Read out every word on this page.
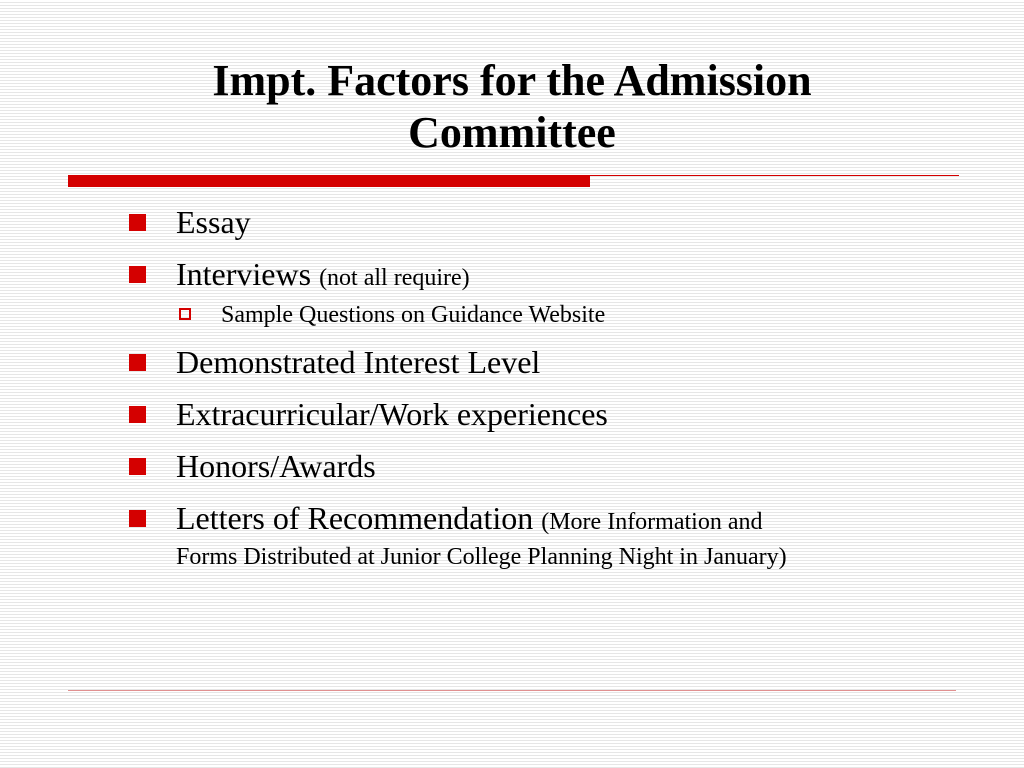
Impt. Factors for the Admission
Committee
Essay
Interviews (not all require)
Sample Questions on Guidance Website
Demonstrated Interest Level
Extracurricular/Work experiences
Honors/Awards
Letters of Recommendation (More Information and
Forms Distributed at Junior College Planning Night in January)
